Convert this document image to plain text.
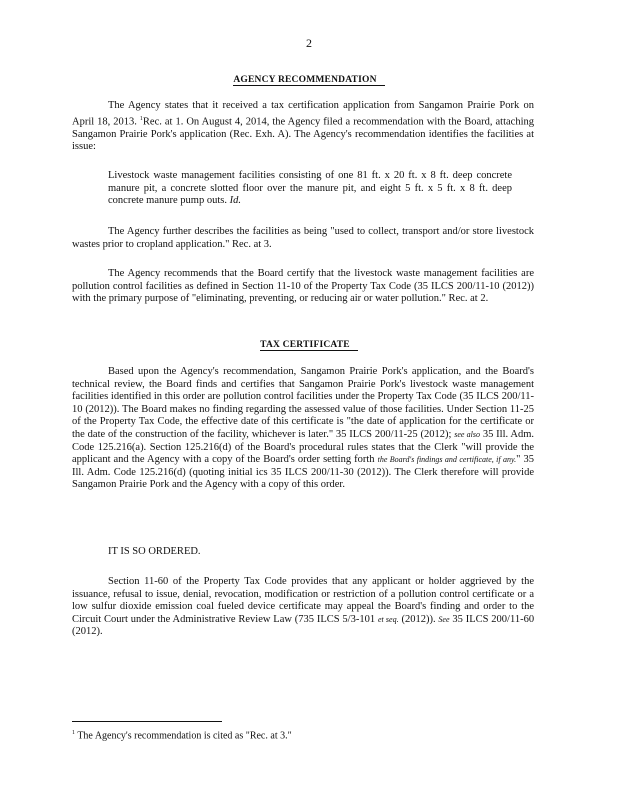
2
AGENCY RECOMMENDATION

The Agency states that it received a tax certification application from Sangamon Prairie Pork on April 18, 2013. $^1$Rec. at 1. On August 4, 2014, the Agency filed a recommendation with the Board, attaching Sangamon Prairie Pork's application (Rec. Exh. A). The Agency's recommendation identifies the facilities at issue:

Livestock waste management facilities consisting of one 81 ft. x 20 ft. x 8 ft. deep concrete manure pit, a concrete slotted floor over the manure pit, and eight 5 ft. x 5 ft. x 8 ft. deep concrete manure pump outs. Id.

The Agency further describes the facilities as being "used to collect, transport and/or store livestock wastes prior to cropland application." Rec. at 3.

The Agency recommends that the Board certify that the livestock waste management facilities are pollution control facilities as defined in Section 11-10 of the Property Tax Code (35 ILCS 200/11-10 (2012)) with the primary purpose of "eliminating, preventing, or reducing air or water pollution." Rec. at 2.

TAX CERTIFICATE

Based upon the Agency's recommendation, Sangamon Prairie Pork's application, and the Board's technical review, the Board finds and certifies that Sangamon Prairie Pork's livestock waste management facilities identified in this order are pollution control facilities under the Property Tax Code (35 ILCS 200/11-10 (2012)). The Board makes no finding regarding the assessed value of those facilities. Under Section 11-25 of the Property Tax Code, the effective date of this certificate is "the date of application for the certificate or the date of the construction of the facility, whichever is later." 35 ILCS 200/11-25 (2012); see also 35 Ill. Adm. Code 125.216(a). Section 125.216(d) of the Board's procedural rules states that the Clerk "will provide the applicant and the Agency with a copy of the Board's order setting forth the Board's findings and certificate, if any." 35 Ill. Adm. Code 125.216(d) (quoting initial ics 35 ILCS 200/11-30 (2012)). The Clerk therefore will provide Sangamon Prairie Pork and the Agency with a copy of this order.

IT IS SO ORDERED.

Section 11-60 of the Property Tax Code provides that any applicant or holder aggrieved by the issuance, refusal to issue, denial, revocation, modification or restriction of a pollution control certificate or a low sulfur dioxide emission coal fueled device certificate may appeal the Board's finding and order to the Circuit Court under the Administrative Review Law (735 ILCS 5/3-101 et seq. (2012)). See 35 ILCS 200/11-60 (2012).

$^1$ The Agency's recommendation is cited as "Rec. at 3."
